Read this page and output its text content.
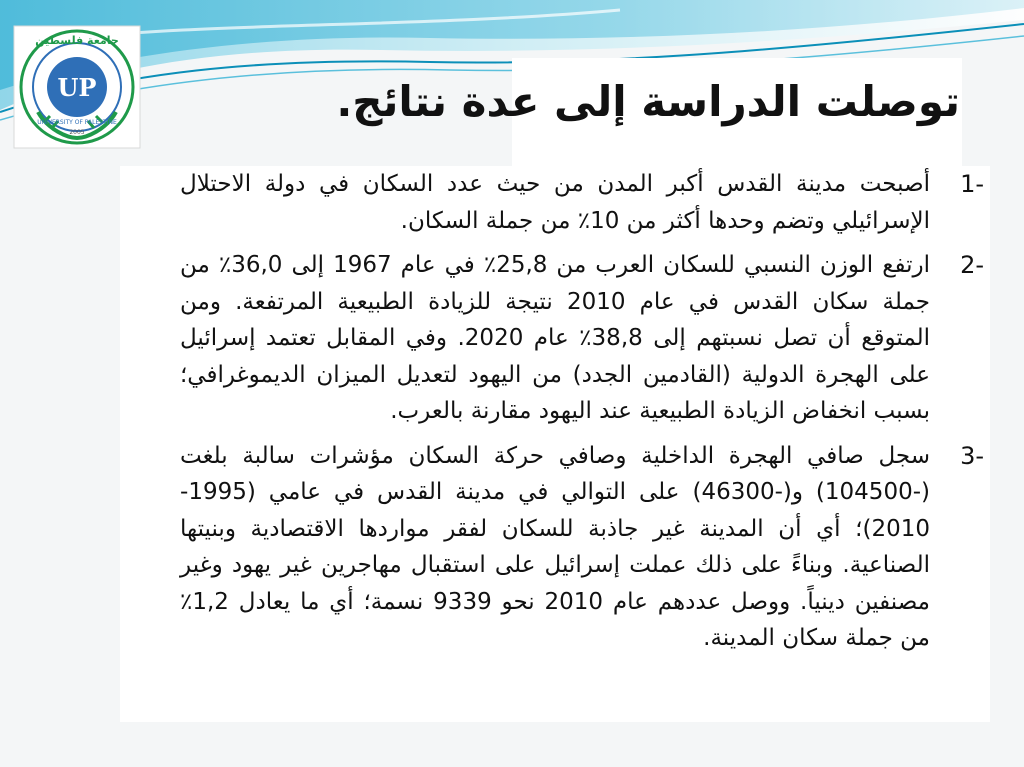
UP
جامعة فلسطين
UNIVERSITY OF PALESTINE
2005
توصلت الدراسة إلى عدة نتائج.
1-
أصبحت مدينة القدس أكبر المدن من حيث عدد السكان في دولة الاحتلال الإسرائيلي وتضم وحدها أكثر من 10٪ من جملة السكان.
2-
ارتفع الوزن النسبي للسكان العرب من 25,8٪ في عام 1967 إلى 36,0٪ من جملة سكان القدس في عام 2010 نتيجة للزيادة الطبيعية المرتفعة. ومن المتوقع أن تصل نسبتهم إلى 38,8٪ عام 2020. وفي المقابل تعتمد إسرائيل على الهجرة الدولية (القادمين الجدد) من اليهود لتعديل الميزان الديموغرافي؛ بسبب انخفاض الزيادة الطبيعية عند اليهود مقارنة بالعرب.
3-
سجل صافي الهجرة الداخلية وصافي حركة السكان مؤشرات سالبة بلغت (-104500) و(-46300) على التوالي في مدينة القدس في عامي (1995- 2010)؛ أي أن المدينة غير جاذبة للسكان لفقر مواردها الاقتصادية وبنيتها الصناعية. وبناءً على ذلك عملت إسرائيل على استقبال مهاجرين غير يهود وغير مصنفين دينياً. ووصل عددهم عام 2010 نحو 9339 نسمة؛ أي ما يعادل 1,2٪ من جملة سكان المدينة.
